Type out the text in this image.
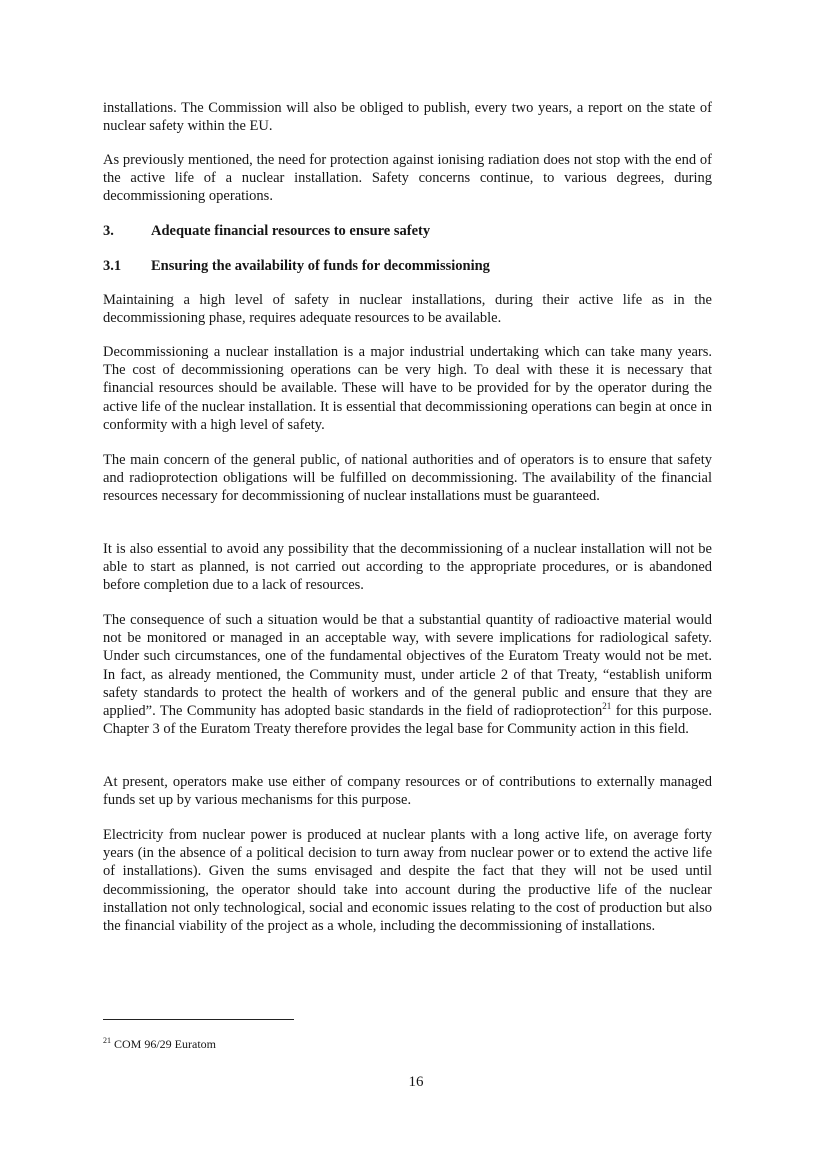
installations. The Commission will also be obliged to publish, every two years, a report on the state of nuclear safety within the EU.

As previously mentioned, the need for protection against ionising radiation does not stop with the end of the active life of a nuclear installation. Safety concerns continue, to various degrees, during decommissioning operations.

3.	Adequate financial resources to ensure safety
3.1 Ensuring the availability of funds for decommissioning

Maintaining a high level of safety in nuclear installations, during their active life as in the decommissioning phase, requires adequate resources to be available.

Decommissioning a nuclear installation is a major industrial undertaking which can take many years. The cost of decommissioning operations can be very high. To deal with these it is necessary that financial resources should be available. These will have to be provided for by the operator during the active life of the nuclear installation. It is essential that decommissioning operations can begin at once in conformity with a high level of safety.

The main concern of the general public, of national authorities and of operators is to ensure that safety and radioprotection obligations will be fulfilled on decommissioning. The availability of the financial resources necessary for decommissioning of nuclear installations must be guaranteed.

It is also essential to avoid any possibility that the decommissioning of a nuclear installation will not be able to start as planned, is not carried out according to the appropriate procedures, or is abandoned before completion due to a lack of resources.

The consequence of such a situation would be that a substantial quantity of radioactive material would not be monitored or managed in an acceptable way, with severe implications for radiological safety. Under such circumstances, one of the fundamental objectives of the Euratom Treaty would not be met. In fact, as already mentioned, the Community must, under article 2 of that Treaty, “establish uniform safety standards to protect the health of workers and of the general public and ensure that they are applied”. The Community has adopted basic standards in the field of radioprotection$^{21}$ for this purpose. Chapter 3 of the Euratom Treaty therefore provides the legal base for Community action in this field.

At present, operators make use either of company resources or of contributions to externally managed funds set up by various mechanisms for this purpose.

Electricity from nuclear power is produced at nuclear plants with a long active life, on average forty years (in the absence of a political decision to turn away from nuclear power or to extend the active life of installations). Given the sums envisaged and despite the fact that they will not be used until decommissioning, the operator should take into account during the productive life of the nuclear installation not only technological, social and economic issues relating to the cost of production but also the financial viability of the project as a whole, including the decommissioning of installations.

$^{21}$ COM 96/29 Euratom

16
